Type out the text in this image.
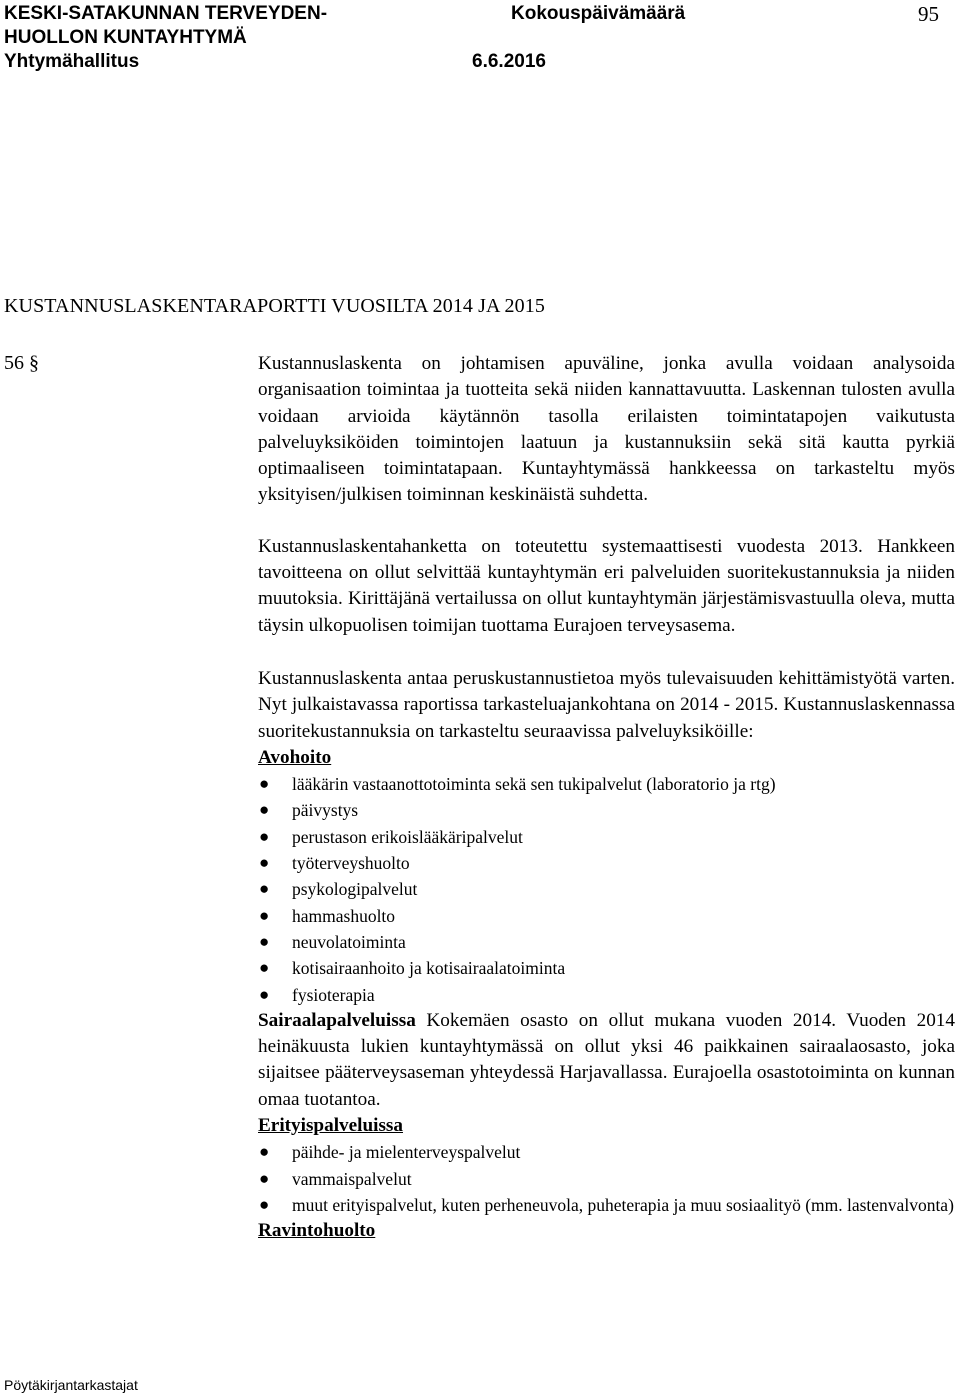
KESKI-SATAKUNNAN TERVEYDEN-
HUOLLON KUNTAYHTYMÄ
Yhtymähallitus
Kokouspäivämäärä
6.6.2016
95
KUSTANNUSLASKENTARAPORTTI VUOSILTA 2014 JA 2015
56 §	Kustannuslaskenta on johtamisen apuväline, jonka avulla voidaan analysoida organisaation toimintaa ja tuotteita sekä niiden kannattavuutta. Laskennan tulosten avulla voidaan arvioida käytännön tasolla erilaisten toimintatapojen vaikutusta palveluyksiköiden toimintojen laatuun ja kustannuksiin sekä sitä kautta pyrkiä optimaaliseen toimintatapaan. Kuntayhtymässä hankkeessa on tarkasteltu myös yksityisen/julkisen toiminnan keskinäistä suhdetta.

Kustannuslaskentahanketta on toteutettu systemaattisesti vuodesta 2013. Hankkeen tavoitteena on ollut selvittää kuntayhtymän eri palveluiden suoritekustannuksia ja niiden muutoksia. Kirittäjänä vertailussa on ollut kuntayhtymän järjestämisvastuulla oleva, mutta täysin ulkopuolisen toimijan tuottama Eurajoen terveysasema.

Kustannuslaskenta antaa peruskustannustietoa myös tulevaisuuden kehittämistyötä varten. Nyt julkaistavassa raportissa tarkasteluajankohtana on 2014 - 2015. Kustannuslaskennassa suoritekustannuksia on tarkasteltu seuraavissa palveluyksiköille:

Avohoito
● lääkärin vastaanottotoiminta sekä sen tukipalvelut (laboratorio ja rtg)
● päivystys
● perustason erikoislääkäripalvelut
● työterveyshuolto
● psykologipalvelut
● hammashuolto
● neuvolatoiminta
● kotisairaanhoito ja kotisairaalatoiminta
● fysioterapia

Sairaalapalveluissa Kokemäen osasto on ollut mukana vuoden 2014. Vuoden 2014 heinäkuusta lukien kuntayhtymässä on ollut yksi 46 paikkainen sairaalaosasto, joka sijaitsee pääterveysaseman yhteydessä Harjavallassa. Eurajoella osastotoiminta on kunnan omaa tuotantoa.

Erityispalveluissa
● päihde- ja mielenterveyspalvelut
● vammaispalvelut
● muut erityispalvelut, kuten perheneuvola, puheterapia ja muu sosiaalityö (mm. lastenvalvonta)
Ravintohuolto
Pöytäkirjantarkastajat
